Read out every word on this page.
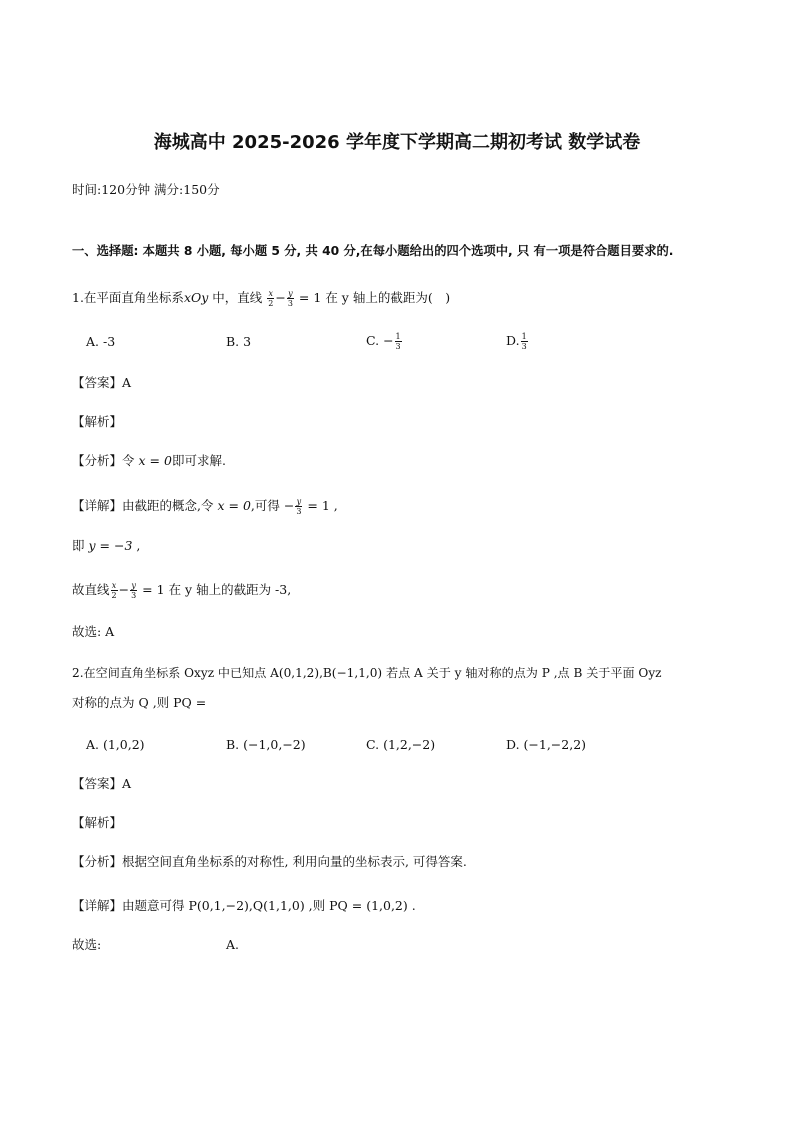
海城高中 2025-2026 学年度下学期高二期初考试 数学试卷
时间:120分钟 满分:150分
一、选择题: 本题共 8 小题, 每小题 5 分, 共 40 分,在每小题给出的四个选项中, 只 有一项是符合题目要求的.
1.在平面直角坐标系xOy 中，直线 $\frac{x}{2} - \frac{y}{3} = 1$ 在 y 轴上的截距为(　)
A. -3	B. 3	C. − $\frac{1}{3}$	D. $\frac{1}{3}$
【答案】A
【解析】
【分析】令 x = 0即可求解.
【详解】由截距的概念,令 x = 0,可得 − $\frac{y}{3} = 1$ ,
即 y = −3 ,
故直线 $\frac{x}{2} - \frac{y}{3} = 1$ 在 y 轴上的截距为 -3,
故选: A
2.在空间直角坐标系 Oxyz 中已知点 A(0,1,2),B(−1,1,0) 若点 A 关于 y 轴对称的点为 P ,点 B 关于平面 Oyz
对称的点为 Q ,则 PQ =
A. (1,0,2)	B. (−1,0,−2)	C. (1,2,−2)	D. (−1,−2,2)
【答案】A
【解析】
【分析】根据空间直角坐标系的对称性, 利用向量的坐标表示, 可得答案.
【详解】由题意可得 P(0,1,−2),Q(1,1,0) ,则 PQ = (1,0,2) .
故选:	A.
